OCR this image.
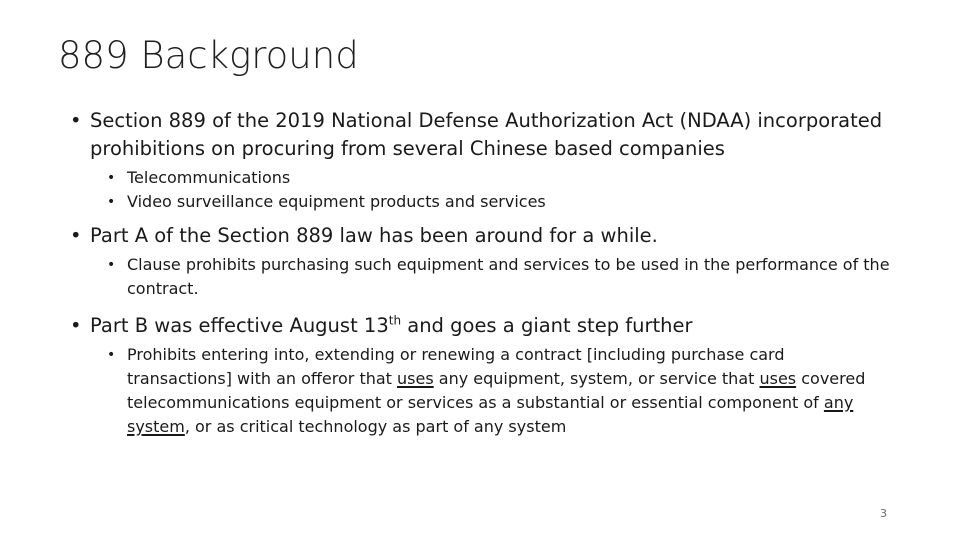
889 Background
• Section 889 of the 2019 National Defense Authorization Act (NDAA) incorporated prohibitions on procuring from several Chinese based companies
• Telecommunications
• Video surveillance equipment products and services
• Part A of the Section 889 law has been around for a while.
• Clause prohibits purchasing such equipment and services to be used in the performance of the contract.
• Part B was effective August 13th and goes a giant step further
• Prohibits entering into, extending or renewing a contract [including purchase card transactions] with an offeror that uses any equipment, system, or service that uses covered telecommunications equipment or services as a substantial or essential component of any system, or as critical technology as part of any system
3
